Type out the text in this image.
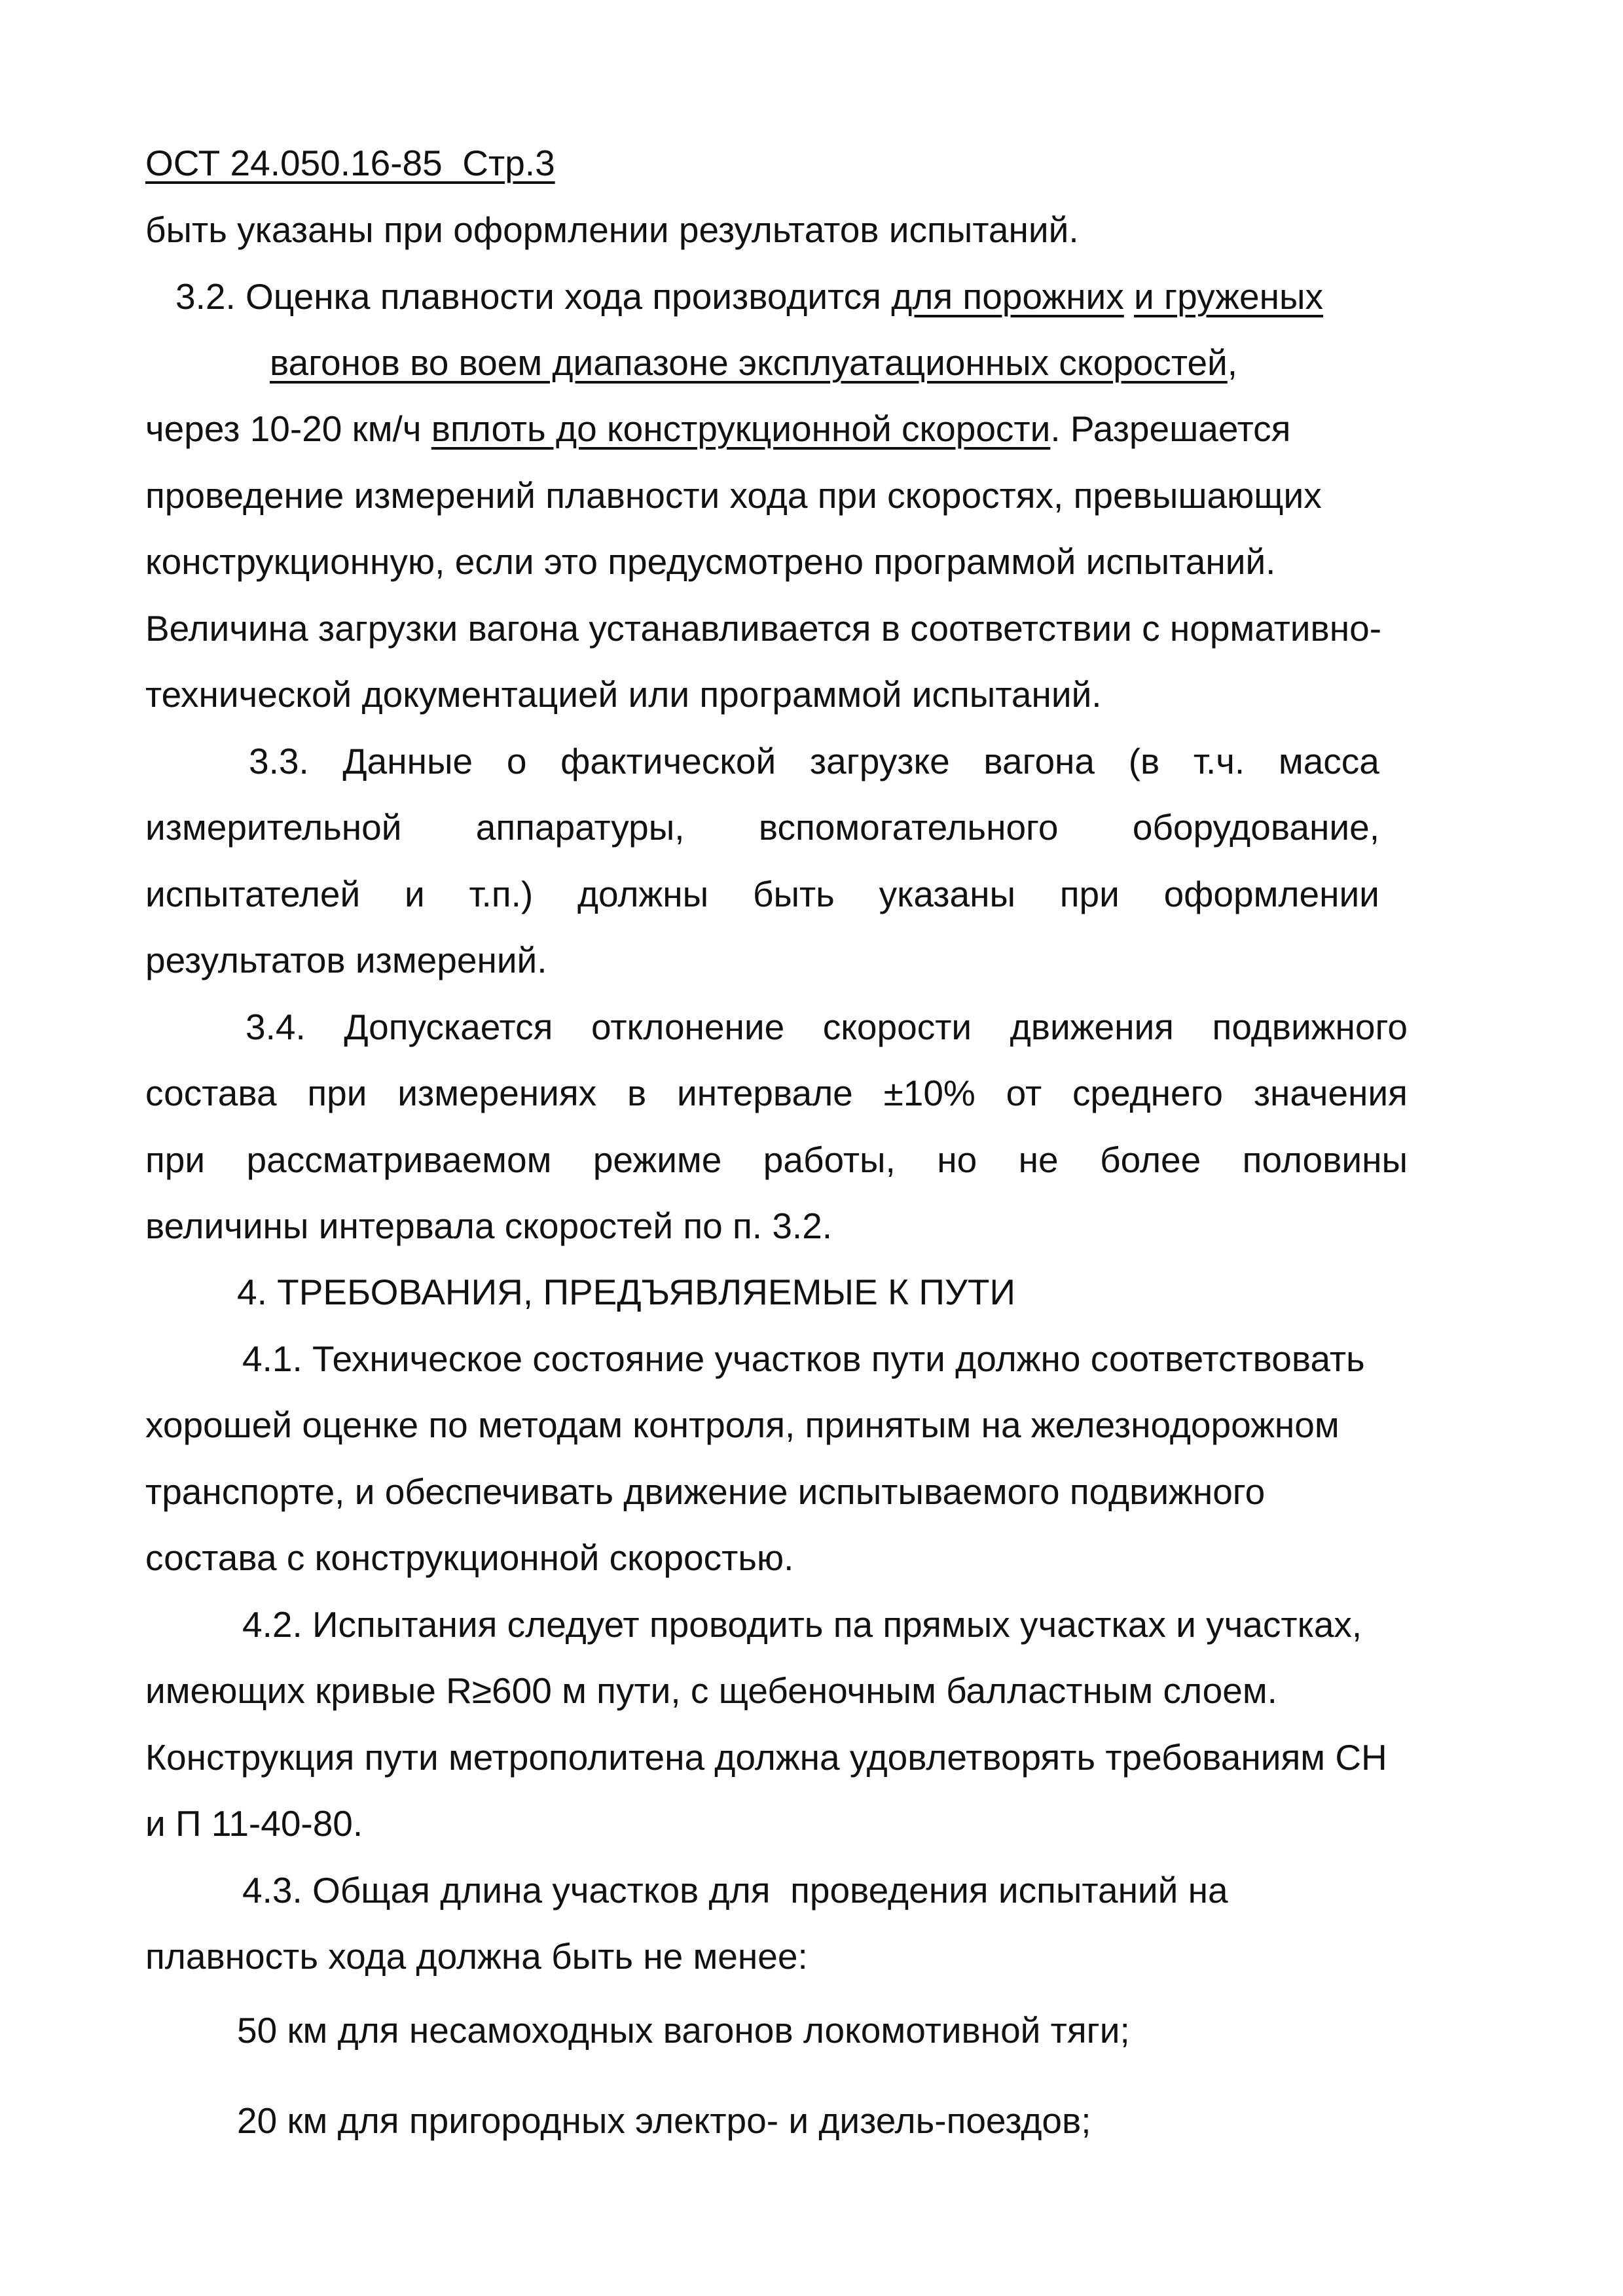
ОСТ 24.050.16-85  Стр.3
быть указаны при оформлении результатов испытаний.
3.2. Оценка плавности хода производится для порожних и груженых
вагонов во воем диапазоне эксплуатационных скоростей,
через 10-20 км/ч вплоть до конструкционной скорости. Разрешается
проведение измерений плавности хода при скоростях, превышающих
конструкционную, если это предусмотрено программой испытаний.
Величина загрузки вагона устанавливается в соответствии с нормативно-
технической документацией или программой испытаний.
3.3. Данные о фактической загрузке вагона (в т.ч. масса
измерительной аппаратуры, вспомогательного оборудование,
испытателей и т.п.) должны быть указаны при оформлении
результатов измерений.
3.4. Допускается отклонение скорости движения подвижного
состава при измерениях в интервале ±10% от среднего значения
при рассматриваемом режиме работы, но не более половины
величины интервала скоростей по п. 3.2.
4. ТРЕБОВАНИЯ, ПРЕДЪЯВЛЯЕМЫЕ К ПУТИ
4.1. Техническое состояние участков пути должно соответствовать
хорошей оценке по методам контроля, принятым на железнодорожном
транспорте, и обеспечивать движение испытываемого подвижного
состава с конструкционной скоростью.
4.2. Испытания следует проводить па прямых участках и участках,
имеющих кривые R≥600 м пути, с щебеночным балластным слоем.
Конструкция пути метрополитена должна удовлетворять требованиям СН
и П 11-40-80.
4.3. Общая длина участков для  проведения испытаний на
плавность хода должна быть не менее:
50 км для несамоходных вагонов локомотивной тяги;
20 км для пригородных электро- и дизель-поездов;
